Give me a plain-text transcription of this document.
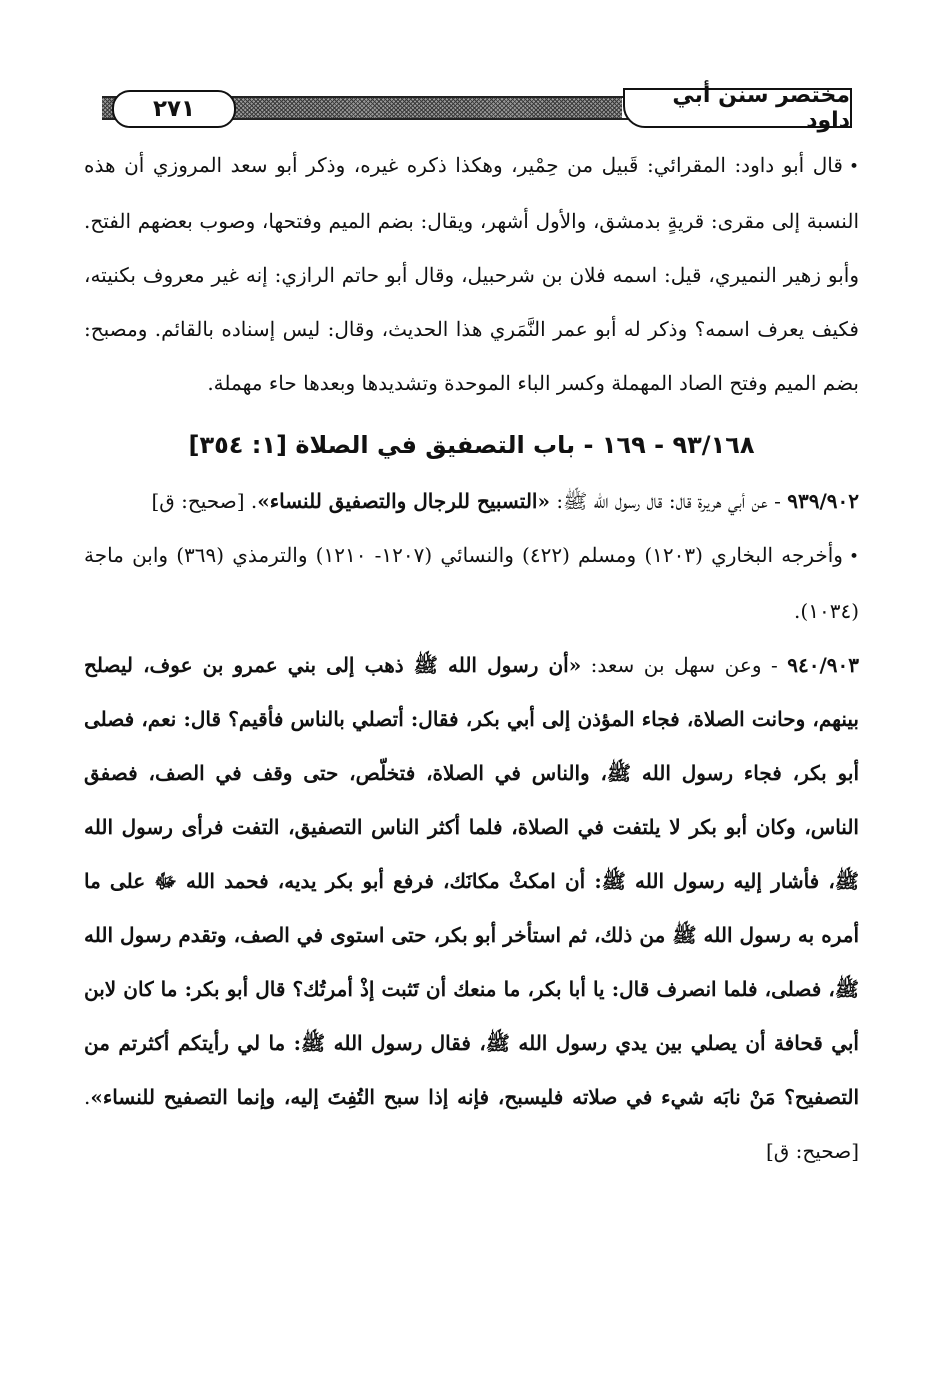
٢٧١
مختصر سنن أبي داود

•قال أبو داود: المقرائي: قَبيل من حِمْير، وهكذا ذكره غيره، وذكر أبو سعد المروزي أن هذه النسبة إلى مقرى: قريةٍ بدمشق، والأول أشهر، ويقال: بضم الميم وفتحها، وصوب بعضهم الفتح. وأبو زهير النميري، قيل: اسمه فلان بن شرحبيل، وقال أبو حاتم الرازي: إنه غير معروف بكنيته، فكيف يعرف اسمه؟ وذكر له أبو عمر النَّمَري هذا الحديث، وقال: ليس إسناده بالقائم. ومصبح: بضم الميم وفتح الصاد المهملة وكسر الباء الموحدة وتشديدها وبعدها حاء مهملة.

٩٣/١٦٨ - ١٦٩ - باب التصفيق في الصلاة [١: ٣٥٤]

٩٣٩/٩٠٢ - عن أبي هريرة قال: قال رسول الله ﷺ: «التسبيح للرجال والتصفيق للنساء». [صحيح: ق]

•وأخرجه البخاري (١٢٠٣) ومسلم (٤٢٢) والنسائي (١٢٠٧- ١٢١٠) والترمذي (٣٦٩) وابن ماجة (١٠٣٤).

٩٤٠/٩٠٣ - وعن سهل بن سعد: «أن رسول الله ﷺ ذهب إلى بني عمرو بن عوف، ليصلح بينهم، وحانت الصلاة، فجاء المؤذن إلى أبي بكر، فقال: أتصلي بالناس فأقيم؟ قال: نعم، فصلى أبو بكر، فجاء رسول الله ﷺ، والناس في الصلاة، فتخلّص، حتى وقف في الصف، فصفق الناس، وكان أبو بكر لا يلتفت في الصلاة، فلما أكثر الناس التصفيق، التفت فرأى رسول الله ﷺ، فأشار إليه رسول الله ﷺ: أن امكثْ مكانَك، فرفع أبو بكر يديه، فحمد الله ﷻ على ما أمره به رسول الله ﷺ من ذلك، ثم استأخر أبو بكر، حتى استوى في الصف، وتقدم رسول الله ﷺ، فصلى، فلما انصرف قال: يا أبا بكر، ما منعك أن تَثبت إذْ أمرتُك؟ قال أبو بكر: ما كان لابن أبي قحافة أن يصلي بين يدي رسول الله ﷺ، فقال رسول الله ﷺ: ما لي رأيتكم أكثرتم من التصفيح؟ مَنْ نابَه شيء في صلاته فليسبح، فإنه إذا سبح التُفِتَ إليه، وإنما التصفيح للنساء». [صحيح: ق]
